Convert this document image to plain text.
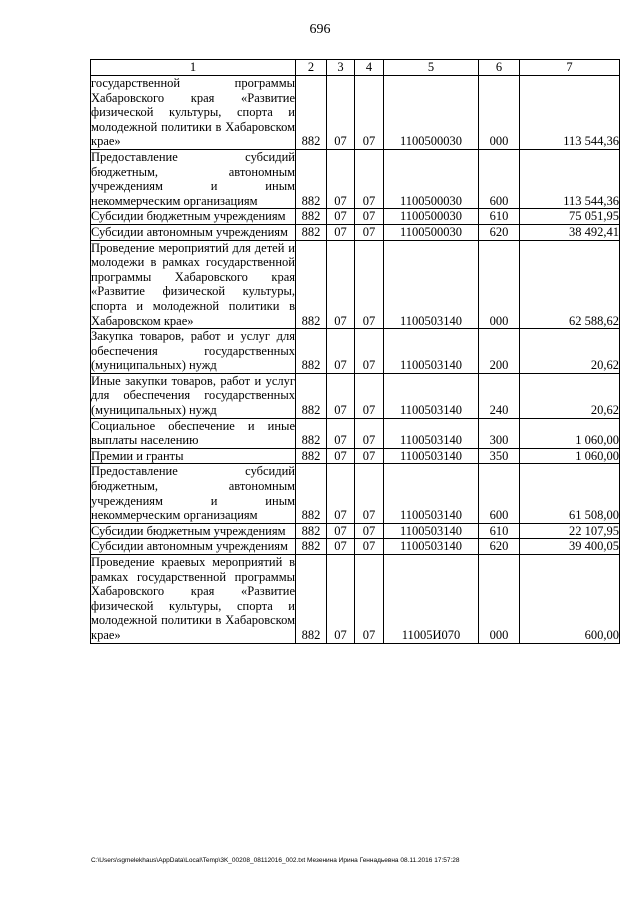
696
1	2	3	4	5	6	7
государственной программы Хабаровского края «Развитие физической культуры, спорта и молодежной политики в Хабаровском крае»	882	07	07	1100500030	000	113 544,36
Предоставление субсидий бюджетным, автономным учреждениям и иным некоммерческим организациям	882	07	07	1100500030	600	113 544,36
Субсидии бюджетным учреждениям	882	07	07	1100500030	610	75 051,95
Субсидии автономным учреждениям	882	07	07	1100500030	620	38 492,41
Проведение мероприятий для детей и молодежи в рамках государственной программы Хабаровского края «Развитие физической культуры, спорта и молодежной политики в Хабаровском крае»	882	07	07	1100503140	000	62 588,62
Закупка товаров, работ и услуг для обеспечения государственных (муниципальных) нужд	882	07	07	1100503140	200	20,62
Иные закупки товаров, работ и услуг для обеспечения государственных (муниципальных) нужд	882	07	07	1100503140	240	20,62
Социальное обеспечение и иные выплаты населению	882	07	07	1100503140	300	1 060,00
Премии и гранты	882	07	07	1100503140	350	1 060,00
Предоставление субсидий бюджетным, автономным учреждениям и иным некоммерческим организациям	882	07	07	1100503140	600	61 508,00
Субсидии бюджетным учреждениям	882	07	07	1100503140	610	22 107,95
Субсидии автономным учреждениям	882	07	07	1100503140	620	39 400,05
Проведение краевых мероприятий в рамках государственной программы Хабаровского края «Развитие физической культуры, спорта и молодежной политики в Хабаровском крае»	882	07	07	11005И070	000	600,00
C:\Users\sgmelekhaus\AppData\Local\Temp\3K_00208_08112016_002.txt Мезенина Ирина Геннадьевна 08.11.2016 17:57:28
